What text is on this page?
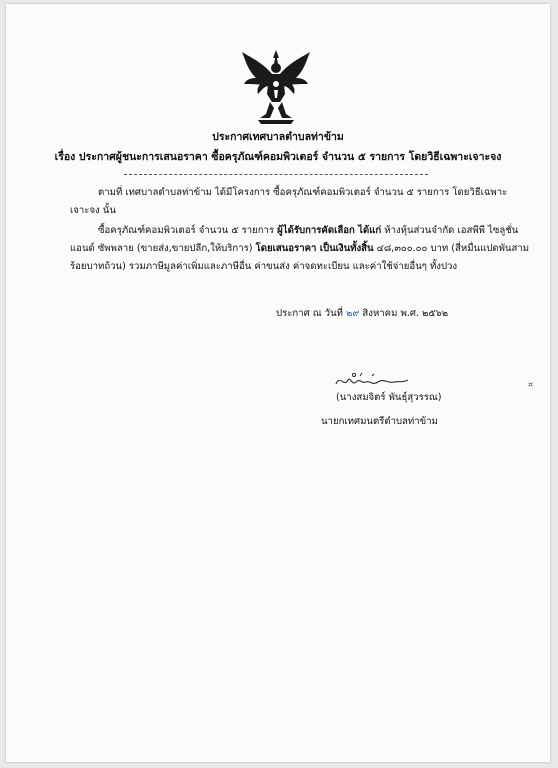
ประกาศเทศบาลตำบลท่าข้าม
เรื่อง ประกาศผู้ชนะการเสนอราคา ซื้อครุภัณฑ์คอมพิวเตอร์ จำนวน ๕ รายการ โดยวิธีเฉพาะเจาะจง
ตามที่ เทศบาลตำบลท่าข้าม ได้มีโครงการ ซื้อครุภัณฑ์คอมพิวเตอร์ จำนวน ๕ รายการ โดยวิธีเฉพาะ
เจาะจง นั้น
ซื้อครุภัณฑ์คอมพิวเตอร์ จำนวน ๕ รายการ ผู้ได้รับการคัดเลือก ได้แก่ ห้างหุ้นส่วนจำกัด เอสพีพี ไซลูชั่น
แอนด์ ซัพพลาย (ขายส่ง,ขายปลีก,ให้บริการ) โดยเสนอราคา เป็นเงินทั้งสิ้น ๔๘,๓๐๐.๐๐ บาท (สี่หมื่นแปดพันสาม
ร้อยบาทถ้วน) รวมภาษีมูลค่าเพิ่มและภาษีอื่น ค่าขนส่ง ค่าจดทะเบียน และค่าใช้จ่ายอื่นๆ ทั้งปวง
ประกาศ ณ วันที่ ๒๙ สิงหาคม พ.ศ. ๒๕๖๒
(นางสมจิตร์ พันธุ์สุวรรณ)
นายกเทศมนตรีตำบลท่าข้าม
¤
